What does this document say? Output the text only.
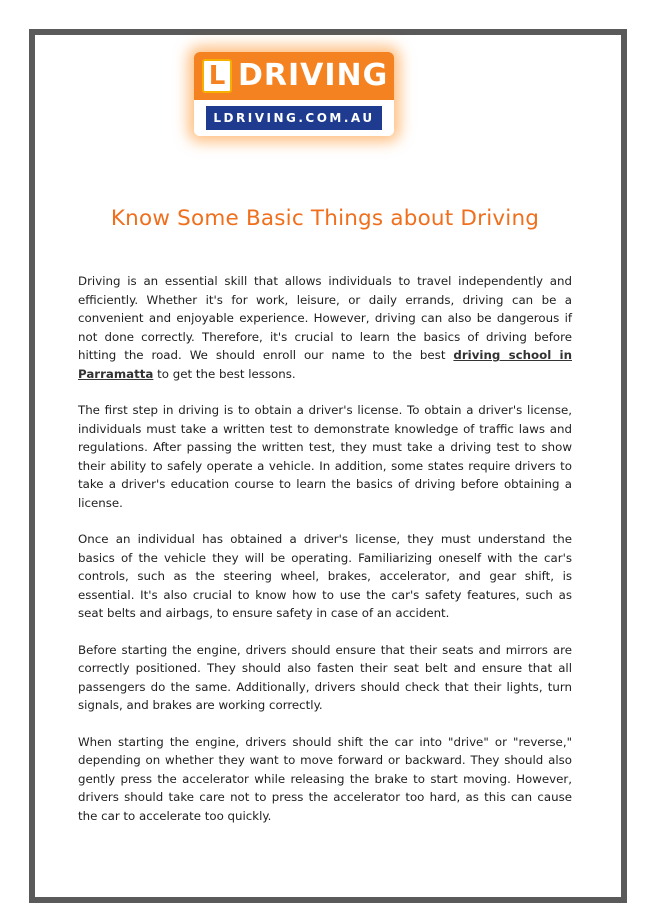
L DRIVING
LDRIVING.COM.AU
Know Some Basic Things about Driving

Driving is an essential skill that allows individuals to travel independently and efficiently. Whether it's for work, leisure, or daily errands, driving can be a convenient and enjoyable experience. However, driving can also be dangerous if not done correctly. Therefore, it's crucial to learn the basics of driving before hitting the road. We should enroll our name to the best driving school in Parramatta to get the best lessons.

The first step in driving is to obtain a driver's license. To obtain a driver's license, individuals must take a written test to demonstrate knowledge of traffic laws and regulations. After passing the written test, they must take a driving test to show their ability to safely operate a vehicle. In addition, some states require drivers to take a driver's education course to learn the basics of driving before obtaining a license.

Once an individual has obtained a driver's license, they must understand the basics of the vehicle they will be operating. Familiarizing oneself with the car's controls, such as the steering wheel, brakes, accelerator, and gear shift, is essential. It's also crucial to know how to use the car's safety features, such as seat belts and airbags, to ensure safety in case of an accident.

Before starting the engine, drivers should ensure that their seats and mirrors are correctly positioned. They should also fasten their seat belt and ensure that all passengers do the same. Additionally, drivers should check that their lights, turn signals, and brakes are working correctly.

When starting the engine, drivers should shift the car into "drive" or "reverse," depending on whether they want to move forward or backward. They should also gently press the accelerator while releasing the brake to start moving. However, drivers should take care not to press the accelerator too hard, as this can cause the car to accelerate too quickly.
